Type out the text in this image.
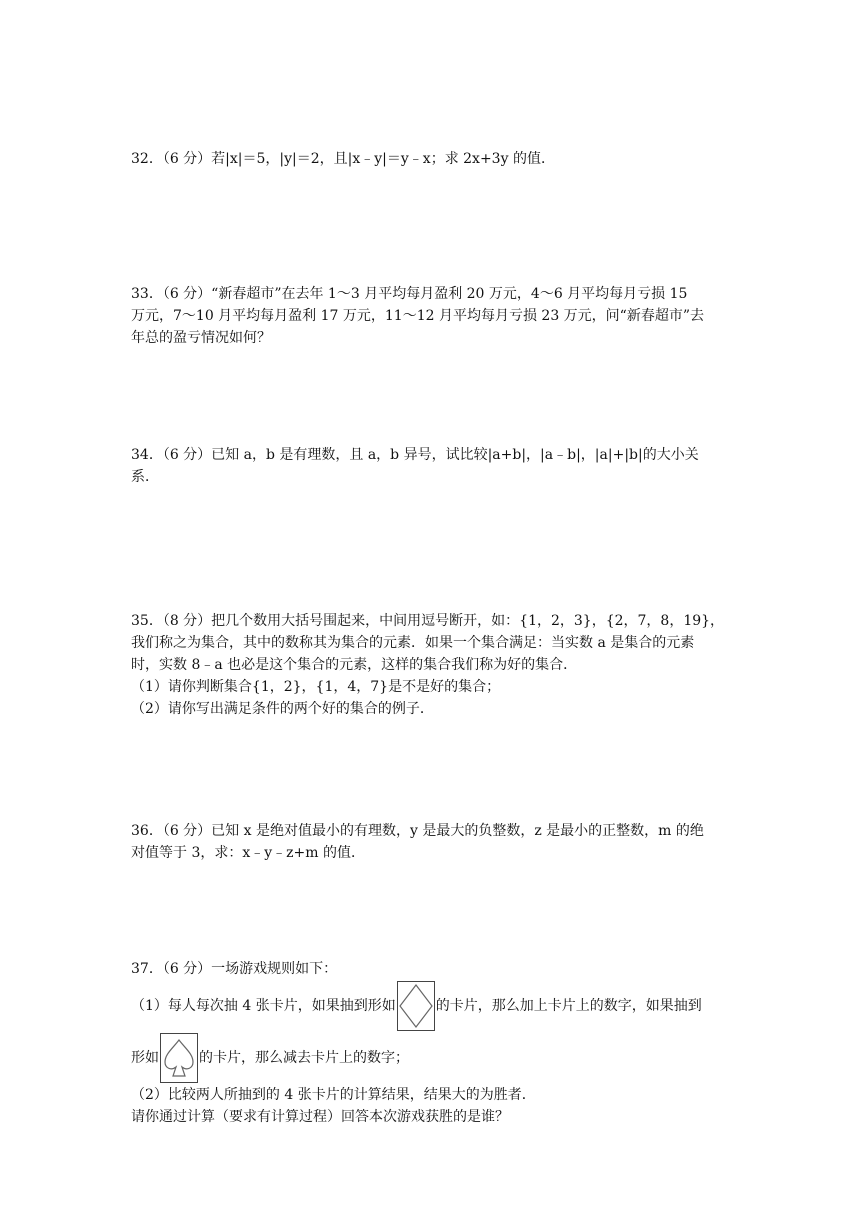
32．（6 分）若|x|＝5，|y|＝2，且|x﹣y|＝y﹣x；求 2x+3y 的值．

33．（6 分）“新春超市”在去年 1～3 月平均每月盈利 20 万元，4～6 月平均每月亏损 15

万元，7～10 月平均每月盈利 17 万元，11～12 月平均每月亏损 23 万元，问“新春超市”去

年总的盈亏情况如何？

34．（6 分）已知 a，b 是有理数，且 a，b 异号，试比较|a+b|，|a﹣b|，|a|+|b|的大小关

系．

35．（8 分）把几个数用大括号围起来，中间用逗号断开，如：{1，2，3}，{2，7，8，19}，

我们称之为集合，其中的数称其为集合的元素．如果一个集合满足：当实数 a 是集合的元素

时，实数 8﹣a 也必是这个集合的元素，这样的集合我们称为好的集合．

（1）请你判断集合{1，2}，{1，4，7}是不是好的集合；

（2）请你写出满足条件的两个好的集合的例子．

36．（6 分）已知 x 是绝对值最小的有理数，y 是最大的负整数，z 是最小的正整数，m 的绝

对值等于 3，求：x﹣y﹣z+m 的值．

37．（6 分）一场游戏规则如下：

（1）每人每次抽 4 张卡片，如果抽到形如	的卡片，那么加上卡片上的数字，如果抽到
形如	的卡片，那么减去卡片上的数字；

（2）比较两人所抽到的 4 张卡片的计算结果，结果大的为胜者．

请你通过计算（要求有计算过程）回答本次游戏获胜的是谁？
